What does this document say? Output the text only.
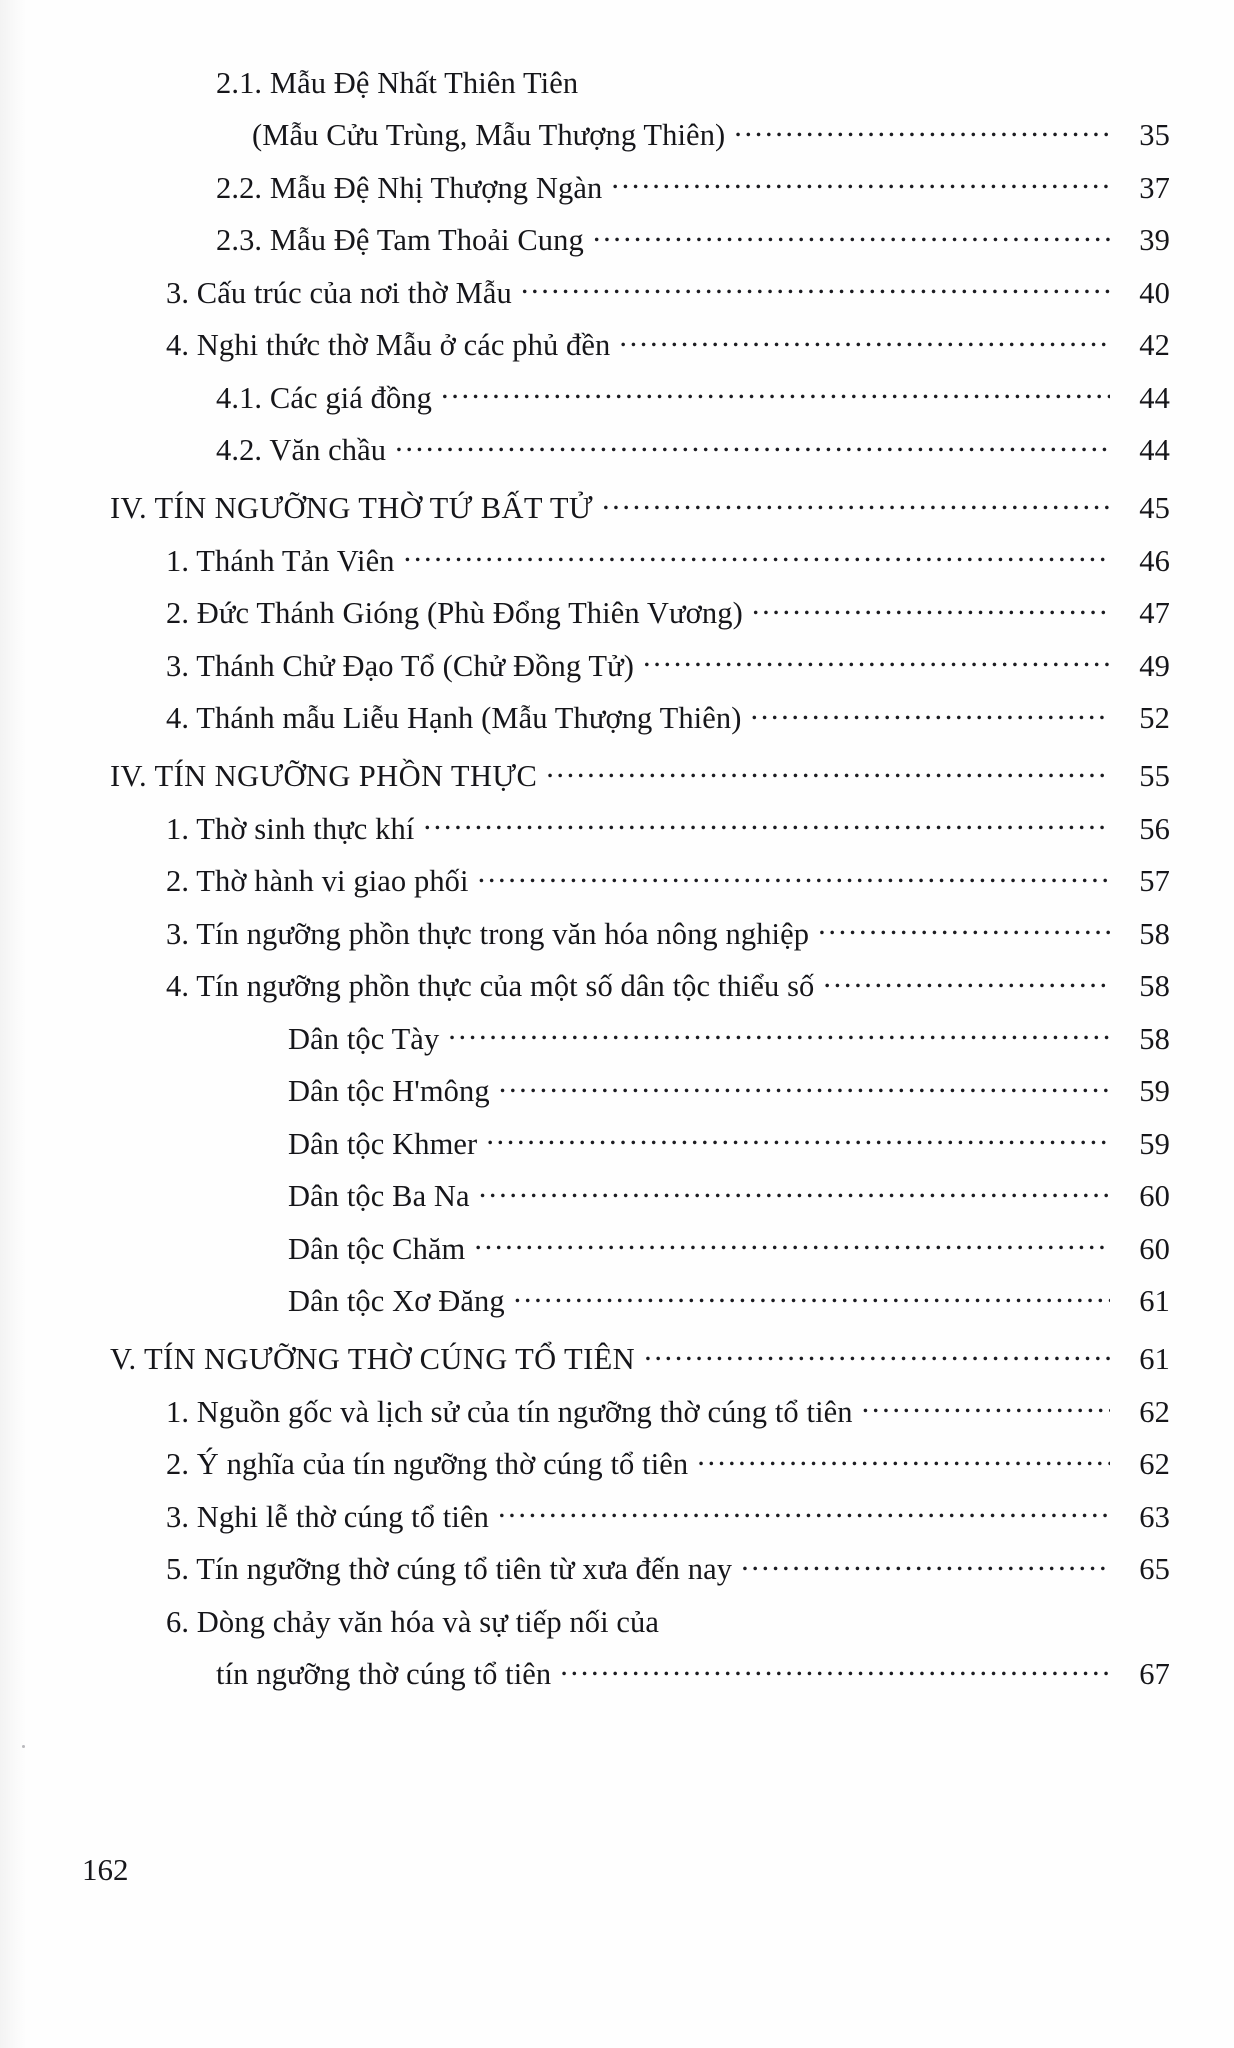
2.1. Mẫu Đệ Nhất Thiên Tiên
(Mẫu Cửu Trùng, Mẫu Thượng Thiên) .....	35
2.2. Mẫu Đệ Nhị Thượng Ngàn .....	37
2.3. Mẫu Đệ Tam Thoải Cung .....	39
3. Cấu trúc của nơi thờ Mẫu .....	40
4. Nghi thức thờ Mẫu ở các phủ đền .....	42
4.1. Các giá đồng .....	44
4.2. Văn chầu .....	44
IV. TÍN NGƯỠNG THỜ TỨ BẤT TỬ .....	45
1. Thánh Tản Viên .....	46
2. Đức Thánh Gióng (Phù Đổng Thiên Vương) .....	47
3. Thánh Chử Đạo Tổ (Chử Đồng Tử) .....	49
4. Thánh mẫu Liễu Hạnh (Mẫu Thượng Thiên) .....	52
IV. TÍN NGƯỠNG PHỒN THỰC .....	55
1. Thờ sinh thực khí .....	56
2. Thờ hành vi giao phối .....	57
3. Tín ngưỡng phồn thực trong văn hóa nông nghiệp .....	58
4. Tín ngưỡng phồn thực của một số dân tộc thiểu số .....	58
Dân tộc Tày .....	58
Dân tộc H'mông .....	59
Dân tộc Khmer .....	59
Dân tộc Ba Na .....	60
Dân tộc Chăm .....	60
Dân tộc Xơ Đăng .....	61
V. TÍN NGƯỠNG THỜ CÚNG TỔ TIÊN .....	61
1. Nguồn gốc và lịch sử của tín ngưỡng thờ cúng tổ tiên .....	62
2. Ý nghĩa của tín ngưỡng thờ cúng tổ tiên .....	62
3. Nghi lễ thờ cúng tổ tiên .....	63
5. Tín ngưỡng thờ cúng tổ tiên từ xưa đến nay .....	65
6. Dòng chảy văn hóa và sự tiếp nối của
tín ngưỡng thờ cúng tổ tiên .....	67
162
